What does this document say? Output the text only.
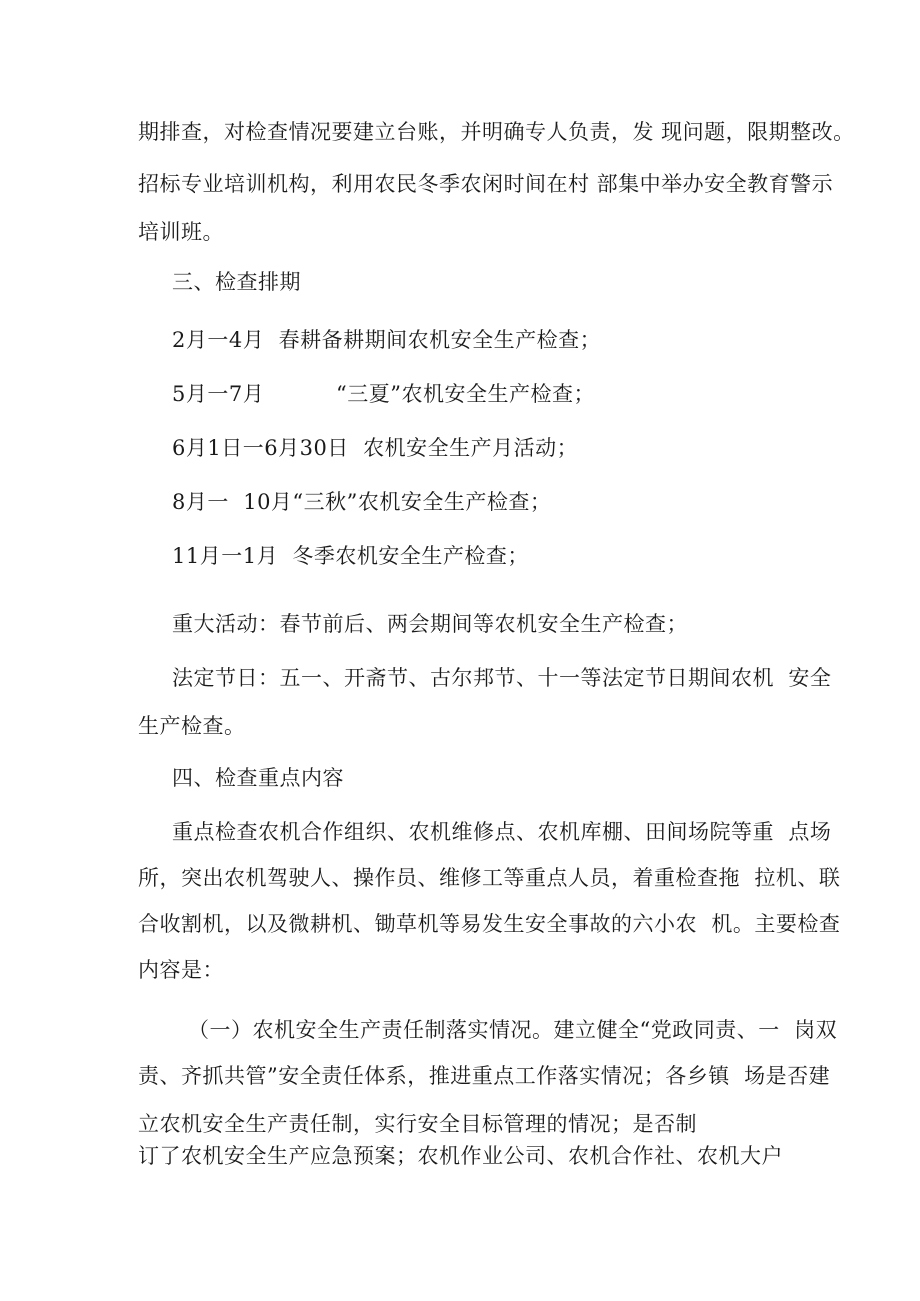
期排查，对检查情况要建立台账，并明确专人负责，发 现问题，限期整改。
招标专业培训机构，利用农民冬季农闲时间在村 部集中举办安全教育警示
培训班。
三、检查排期
2月一4月  春耕备耕期间农机安全生产检查；
5月一7月          “三夏”农机安全生产检查；
6月1日一6月30日  农机安全生产月活动；
8月一  10月“三秋”农机安全生产检查；
11月一1月  冬季农机安全生产检查；
重大活动：春节前后、两会期间等农机安全生产检查；
法定节日：五一、开斋节、古尔邦节、十一等法定节日期间农机  安全
生产检查。
四、检查重点内容
重点检查农机合作组织、农机维修点、农机库棚、田间场院等重  点场
所，突出农机驾驶人、操作员、维修工等重点人员，着重检查拖  拉机、联
合收割机，以及微耕机、锄草机等易发生安全事故的六小农  机。主要检查
内容是：
（一）农机安全生产责任制落实情况。建立健全“党政同责、一  岗双
责、齐抓共管”安全责任体系，推进重点工作落实情况；各乡镇  场是否建
立农机安全生产责任制，实行安全目标管理的情况；是否制
订了农机安全生产应急预案；农机作业公司、农机合作社、农机大户
